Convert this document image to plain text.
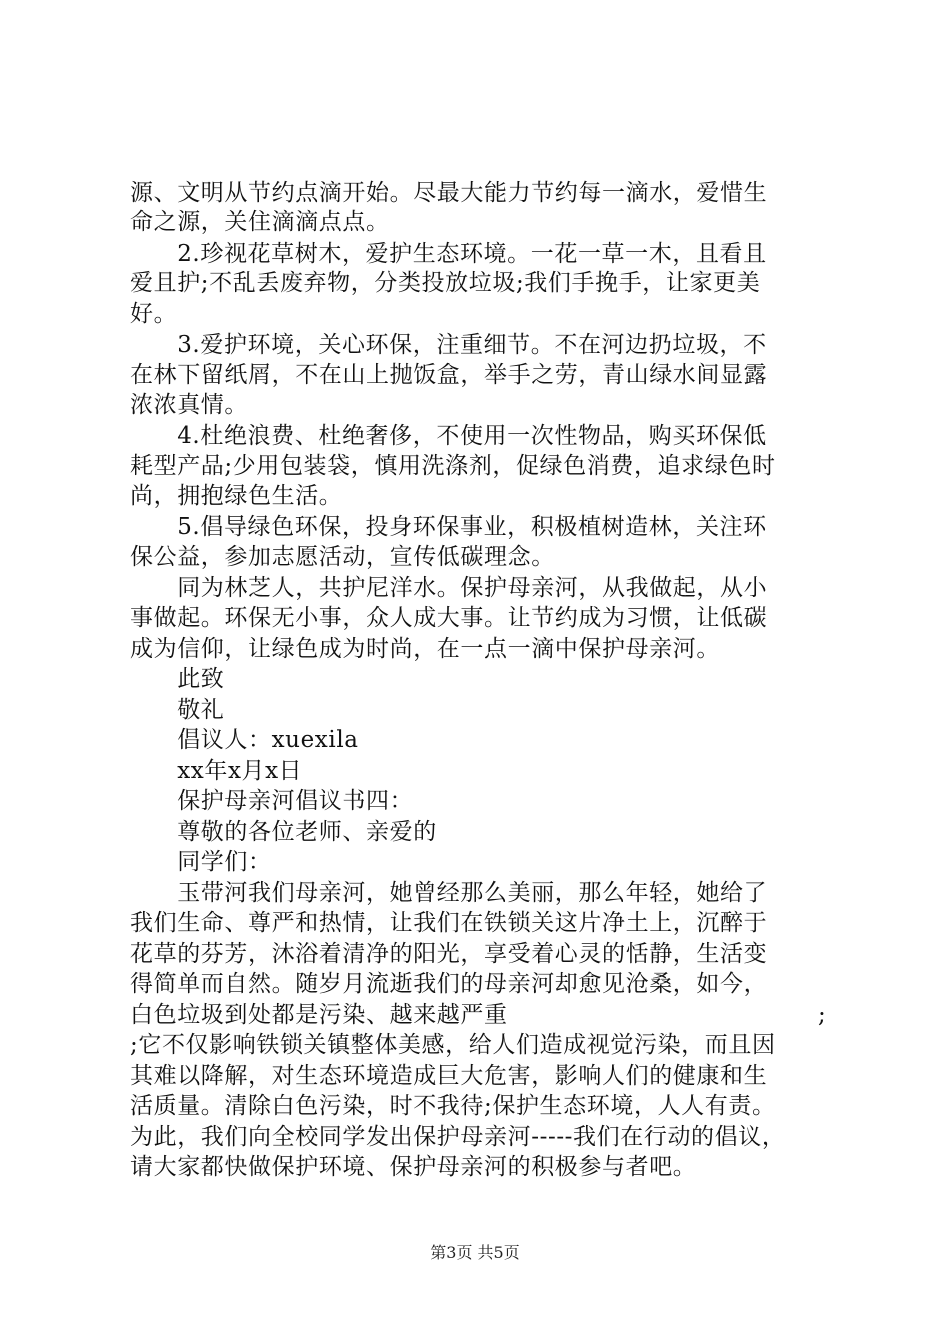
源、文明从节约点滴开始。尽最大能力节约每一滴水，爱惜生
命之源，关住滴滴点点。
　　2.珍视花草树木，爱护生态环境。一花一草一木，且看且
爱且护;不乱丢废弃物，分类投放垃圾;我们手挽手，让家更美
好。
　　3.爱护环境，关心环保，注重细节。不在河边扔垃圾，不
在林下留纸屑，不在山上抛饭盒，举手之劳，青山绿水间显露
浓浓真情。
　　4.杜绝浪费、杜绝奢侈，不使用一次性物品，购买环保低
耗型产品;少用包装袋，慎用洗涤剂，促绿色消费，追求绿色时
尚，拥抱绿色生活。
　　5.倡导绿色环保，投身环保事业，积极植树造林，关注环
保公益，参加志愿活动，宣传低碳理念。
　　同为林芝人，共护尼洋水。保护母亲河，从我做起，从小
事做起。环保无小事，众人成大事。让节约成为习惯，让低碳
成为信仰，让绿色成为时尚，在一点一滴中保护母亲河。
　　此致
　　敬礼
　　倡议人：xuexila
　　xx年x月x日
　　保护母亲河倡议书四：
　　尊敬的各位老师、亲爱的
　　同学们：
　　玉带河我们母亲河，她曾经那么美丽，那么年轻，她给了
我们生命、尊严和热情，让我们在铁锁关这片净土上，沉醉于
花草的芬芳，沐浴着清净的阳光，享受着心灵的恬静，生活变
得简单而自然。随岁月流逝我们的母亲河却愈见沧桑，如今，
白色垃圾到处都是污染、越来越严重	;
;它不仅影响铁锁关镇整体美感，给人们造成视觉污染，而且因
其难以降解，对生态环境造成巨大危害，影响人们的健康和生
活质量。清除白色污染，时不我待;保护生态环境，人人有责。
为此，我们向全校同学发出保护母亲河-----我们在行动的倡议，
请大家都快做保护环境、保护母亲河的积极参与者吧。
第3页 共5页
